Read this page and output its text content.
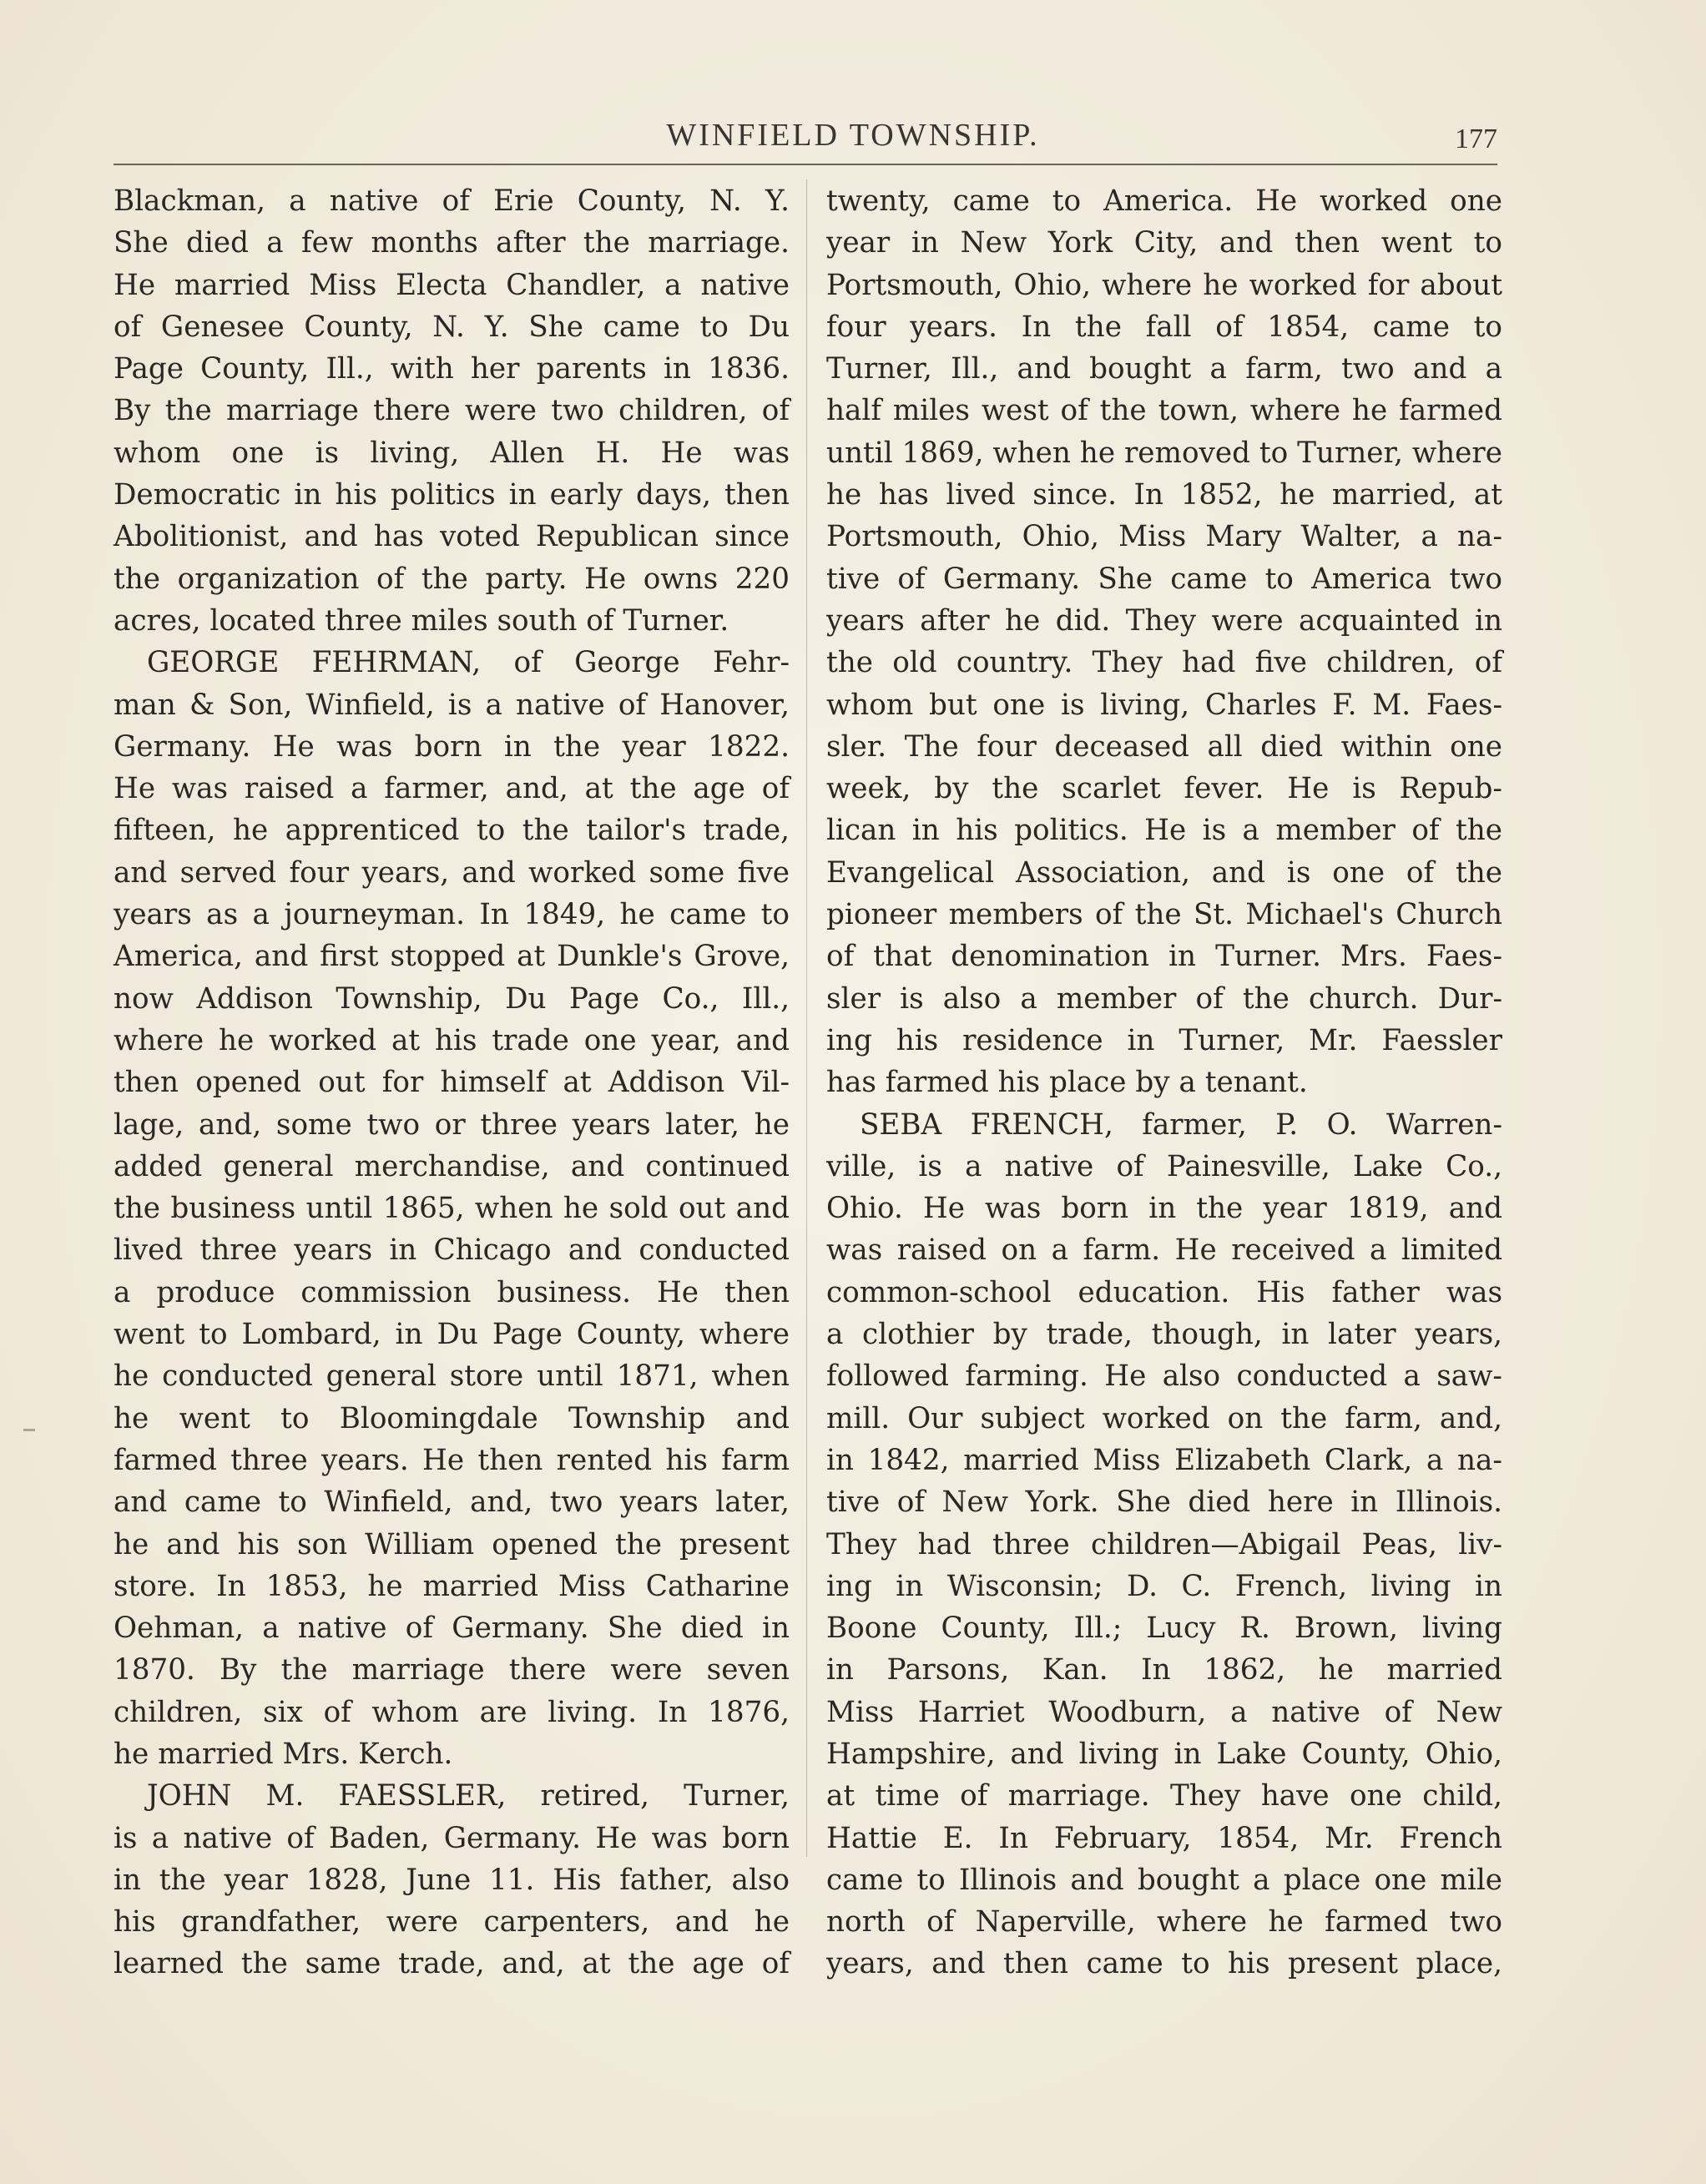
WINFIELD TOWNSHIP.	177
Blackman, a native of Erie County, N. Y.
She died a few months after the marriage.
He married Miss Electa Chandler, a native
of Genesee County, N. Y. She came to Du
Page County, Ill., with her parents in 1836.
By the marriage there were two children, of
whom one is living, Allen H. He was
Democratic in his politics in early days, then
Abolitionist, and has voted Republican since
the organization of the party. He owns 220
acres, located three miles south of Turner.
GEORGE FEHRMAN, of George Fehr-
man & Son, Winfield, is a native of Hanover,
Germany. He was born in the year 1822.
He was raised a farmer, and, at the age of
fifteen, he apprenticed to the tailor's trade,
and served four years, and worked some five
years as a journeyman. In 1849, he came to
America, and first stopped at Dunkle's Grove,
now Addison Township, Du Page Co., Ill.,
where he worked at his trade one year, and
then opened out for himself at Addison Vil-
lage, and, some two or three years later, he
added general merchandise, and continued
the business until 1865, when he sold out and
lived three years in Chicago and conducted
a produce commission business. He then
went to Lombard, in Du Page County, where
he conducted general store until 1871, when
he went to Bloomingdale Township and
farmed three years. He then rented his farm
and came to Winfield, and, two years later,
he and his son William opened the present
store. In 1853, he married Miss Catharine
Oehman, a native of Germany. She died in
1870. By the marriage there were seven
children, six of whom are living. In 1876,
he married Mrs. Kerch.
JOHN M. FAESSLER, retired, Turner,
is a native of Baden, Germany. He was born
in the year 1828, June 11. His father, also
his grandfather, were carpenters, and he
learned the same trade, and, at the age of
twenty, came to America. He worked one
year in New York City, and then went to
Portsmouth, Ohio, where he worked for about
four years. In the fall of 1854, came to
Turner, Ill., and bought a farm, two and a
half miles west of the town, where he farmed
until 1869, when he removed to Turner, where
he has lived since. In 1852, he married, at
Portsmouth, Ohio, Miss Mary Walter, a na-
tive of Germany. She came to America two
years after he did. They were acquainted in
the old country. They had five children, of
whom but one is living, Charles F. M. Faes-
sler. The four deceased all died within one
week, by the scarlet fever. He is Repub-
lican in his politics. He is a member of the
Evangelical Association, and is one of the
pioneer members of the St. Michael's Church
of that denomination in Turner. Mrs. Faes-
sler is also a member of the church. Dur-
ing his residence in Turner, Mr. Faessler
has farmed his place by a tenant.
SEBA FRENCH, farmer, P. O. Warren-
ville, is a native of Painesville, Lake Co.,
Ohio. He was born in the year 1819, and
was raised on a farm. He received a limited
common-school education. His father was
a clothier by trade, though, in later years,
followed farming. He also conducted a saw-
mill. Our subject worked on the farm, and,
in 1842, married Miss Elizabeth Clark, a na-
tive of New York. She died here in Illinois.
They had three children—Abigail Peas, liv-
ing in Wisconsin; D. C. French, living in
Boone County, Ill.; Lucy R. Brown, living
in Parsons, Kan. In 1862, he married
Miss Harriet Woodburn, a native of New
Hampshire, and living in Lake County, Ohio,
at time of marriage. They have one child,
Hattie E. In February, 1854, Mr. French
came to Illinois and bought a place one mile
north of Naperville, where he farmed two
years, and then came to his present place,
